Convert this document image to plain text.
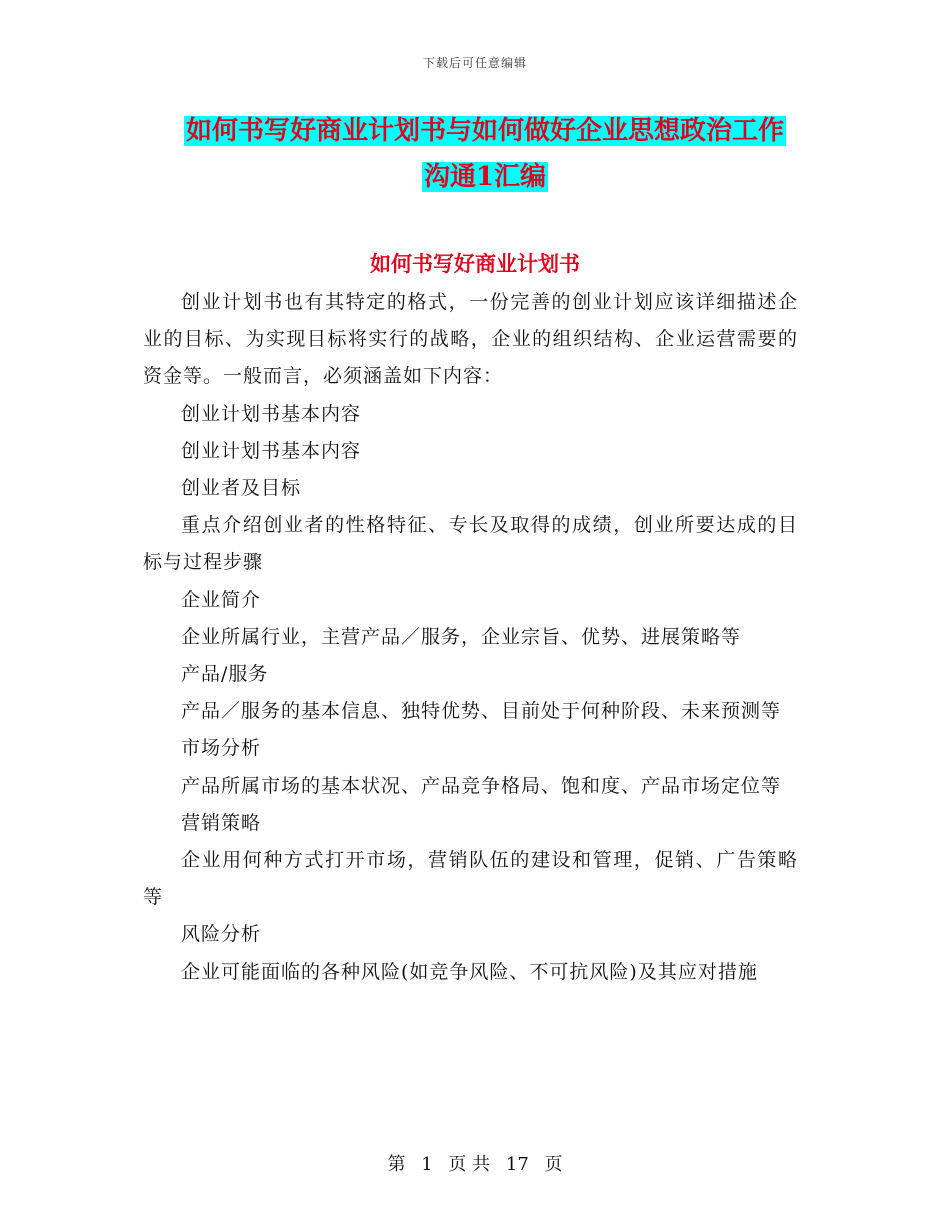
下载后可任意编辑
如何书写好商业计划书与如何做好企业思想政治工作
沟通1汇编
如何书写好商业计划书

创业计划书也有其特定的格式，一份完善的创业计划应该详细描述企业的目标、为实现目标将实行的战略，企业的组织结构、企业运营需要的资金等。一般而言，必须涵盖如下内容：

创业计划书基本内容

创业计划书基本内容

创业者及目标

重点介绍创业者的性格特征、专长及取得的成绩，创业所要达成的目标与过程步骤

企业简介

企业所属行业，主营产品／服务，企业宗旨、优势、进展策略等

产品/服务

产品／服务的基本信息、独特优势、目前处于何种阶段、未来预测等

市场分析

产品所属市场的基本状况、产品竞争格局、饱和度、产品市场定位等

营销策略

企业用何种方式打开市场，营销队伍的建设和管理，促销、广告策略等

风险分析

企业可能面临的各种风险(如竞争风险、不可抗风险)及其应对措施

第 1 页 共 17 页
